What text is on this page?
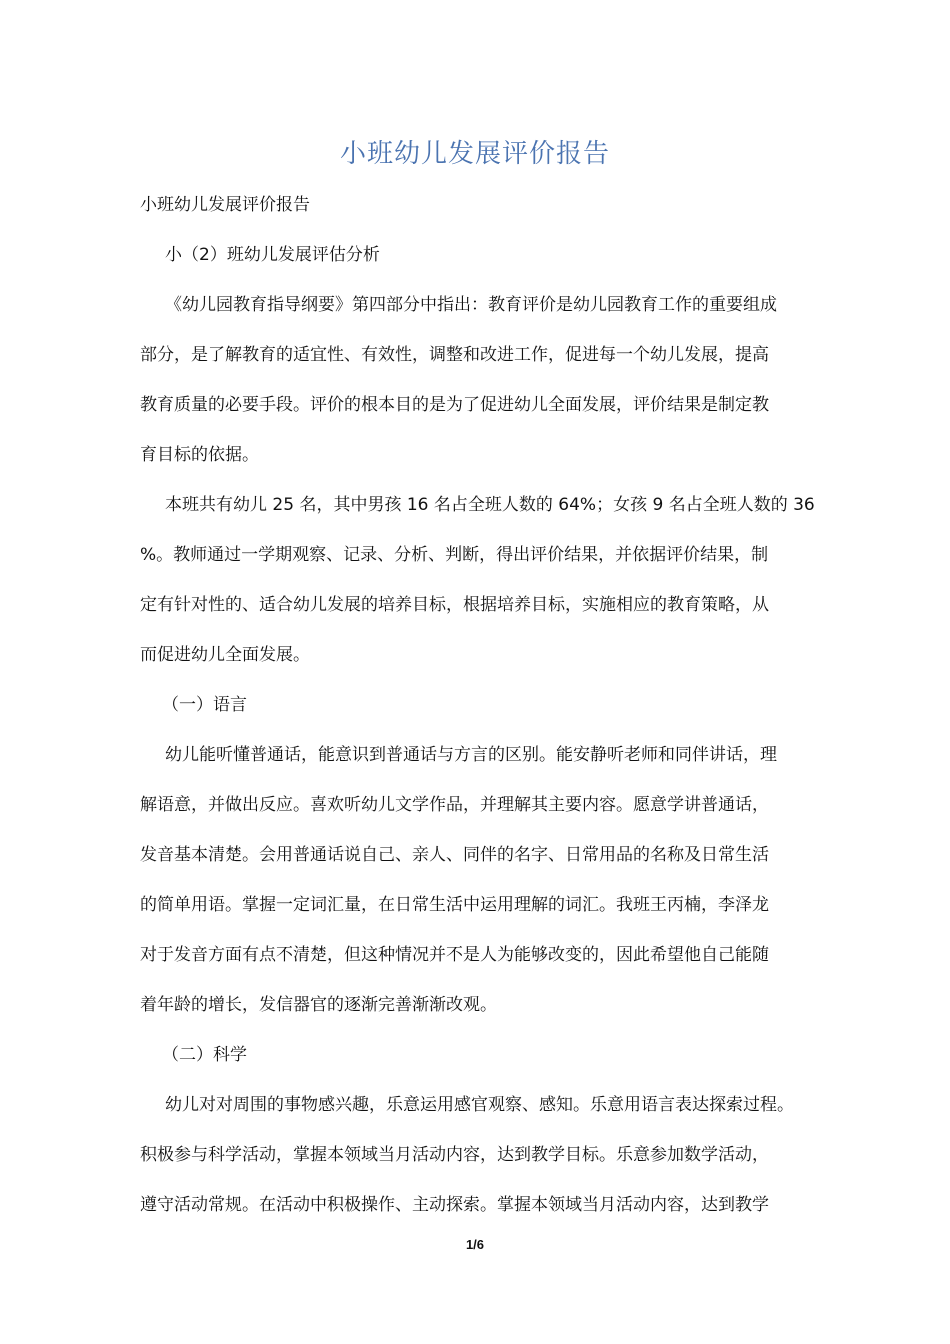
小班幼儿发展评价报告
小班幼儿发展评价报告
小（2）班幼儿发展评估分析
《幼儿园教育指导纲要》第四部分中指出：教育评价是幼儿园教育工作的重要组成
部分，是了解教育的适宜性、有效性，调整和改进工作，促进每一个幼儿发展，提高
教育质量的必要手段。评价的根本目的是为了促进幼儿全面发展，评价结果是制定教
育目标的依据。
本班共有幼儿 25 名，其中男孩 16 名占全班人数的 64%；女孩 9 名占全班人数的 36
%。教师通过一学期观察、记录、分析、判断，得出评价结果，并依据评价结果，制
定有针对性的、适合幼儿发展的培养目标，根据培养目标，实施相应的教育策略，从
而促进幼儿全面发展。
（一）语言
幼儿能听懂普通话，能意识到普通话与方言的区别。能安静听老师和同伴讲话，理
解语意，并做出反应。喜欢听幼儿文学作品，并理解其主要内容。愿意学讲普通话，
发音基本清楚。会用普通话说自己、亲人、同伴的名字、日常用品的名称及日常生活
的简单用语。掌握一定词汇量，在日常生活中运用理解的词汇。我班王丙楠，李泽龙
对于发音方面有点不清楚，但这种情况并不是人为能够改变的，因此希望他自己能随
着年龄的增长，发信器官的逐渐完善渐渐改观。
（二）科学
幼儿对对周围的事物感兴趣，乐意运用感官观察、感知。乐意用语言表达探索过程。
积极参与科学活动，掌握本领域当月活动内容，达到教学目标。乐意参加数学活动，
遵守活动常规。在活动中积极操作、主动探索。掌握本领域当月活动内容，达到教学
1/6
